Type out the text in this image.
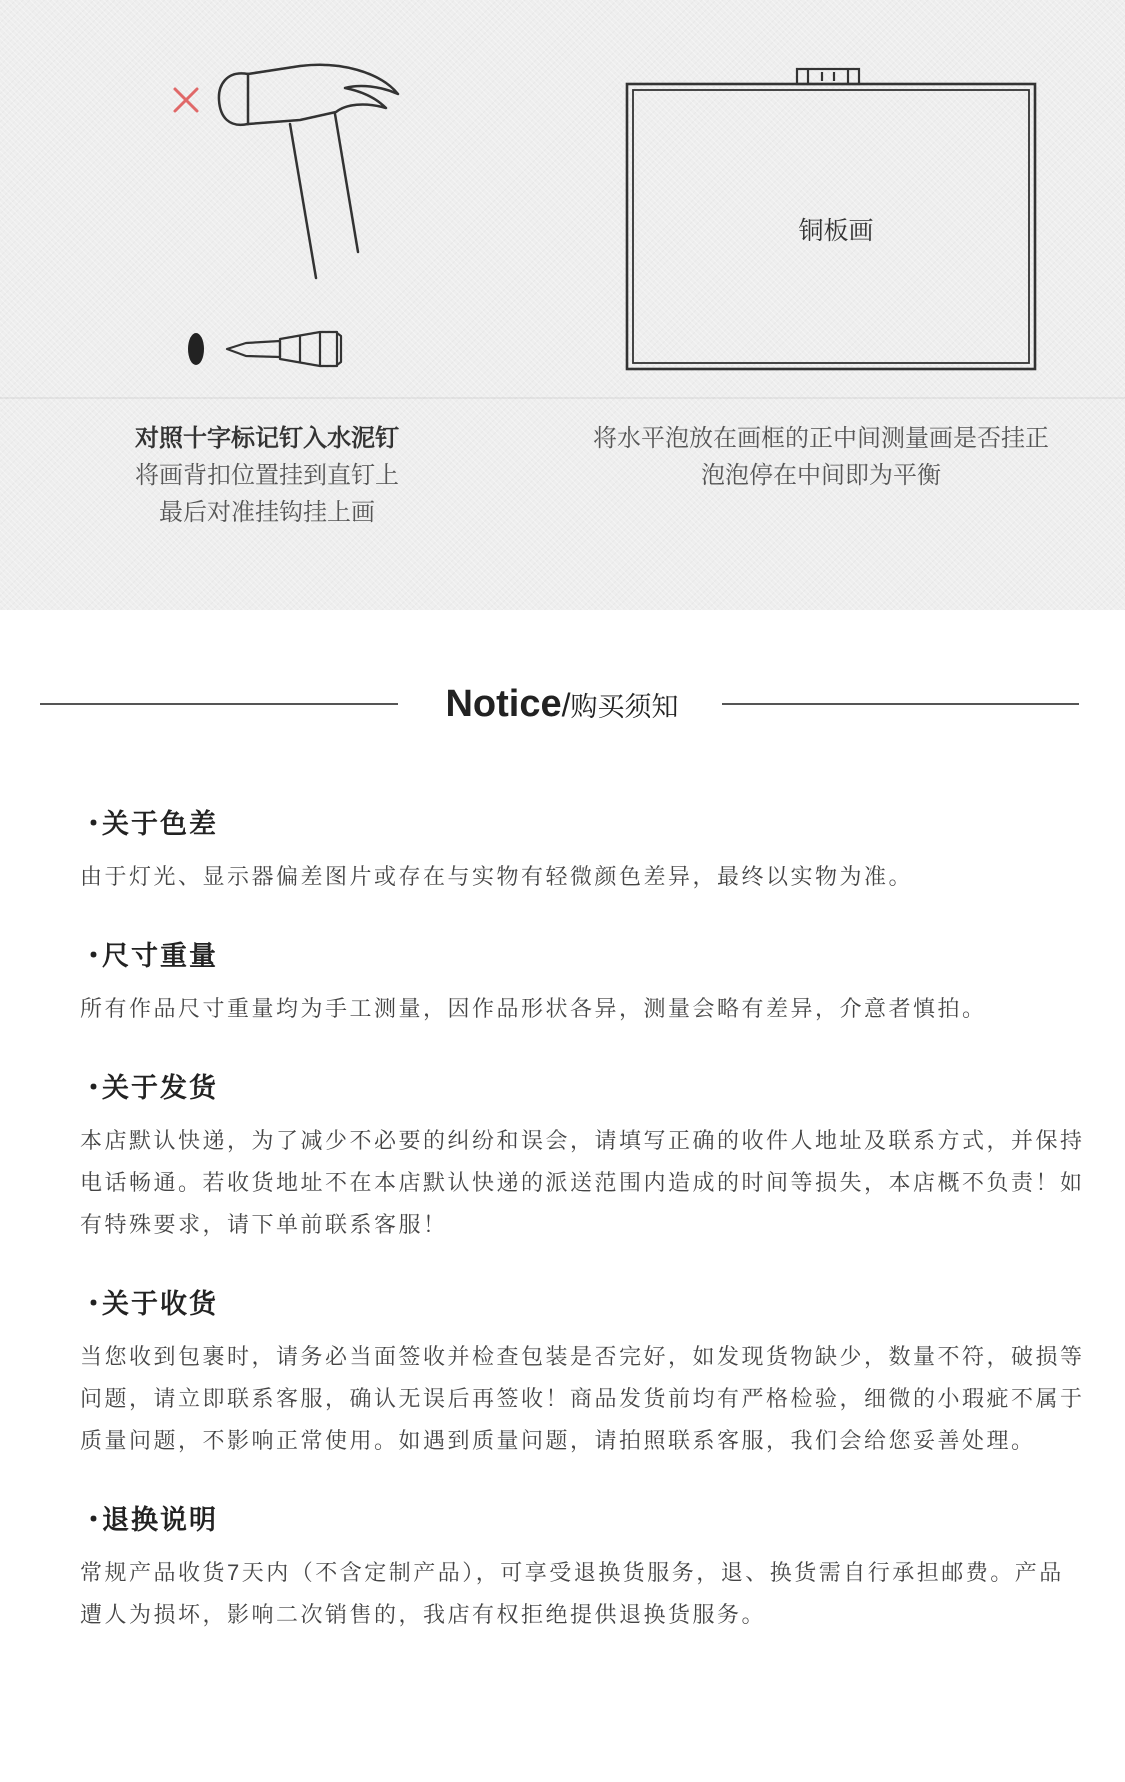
铜板画
对照十字标记钉入水泥钉
将画背扣位置挂到直钉上
最后对准挂钩挂上画
将水平泡放在画框的正中间测量画是否挂正
泡泡停在中间即为平衡
Notice/购买须知
・关于色差
由于灯光、显示器偏差图片或存在与实物有轻微颜色差异，最终以实物为准。
・尺寸重量
所有作品尺寸重量均为手工测量，因作品形状各异，测量会略有差异，介意者慎拍。
・关于发货
本店默认快递，为了减少不必要的纠纷和误会，请填写正确的收件人地址及联系方式，并保持
电话畅通。若收货地址不在本店默认快递的派送范围内造成的时间等损失，本店概不负责！如
有特殊要求，请下单前联系客服！
・关于收货
当您收到包裹时，请务必当面签收并检查包装是否完好，如发现货物缺少，数量不符，破损等
问题，请立即联系客服，确认无误后再签收！商品发货前均有严格检验，细微的小瑕疵不属于
质量问题，不影响正常使用。如遇到质量问题，请拍照联系客服，我们会给您妥善处理。
・退换说明
常规产品收货7天内（不含定制产品），可享受退换货服务，退、换货需自行承担邮费。产品
遭人为损坏，影响二次销售的，我店有权拒绝提供退换货服务。
